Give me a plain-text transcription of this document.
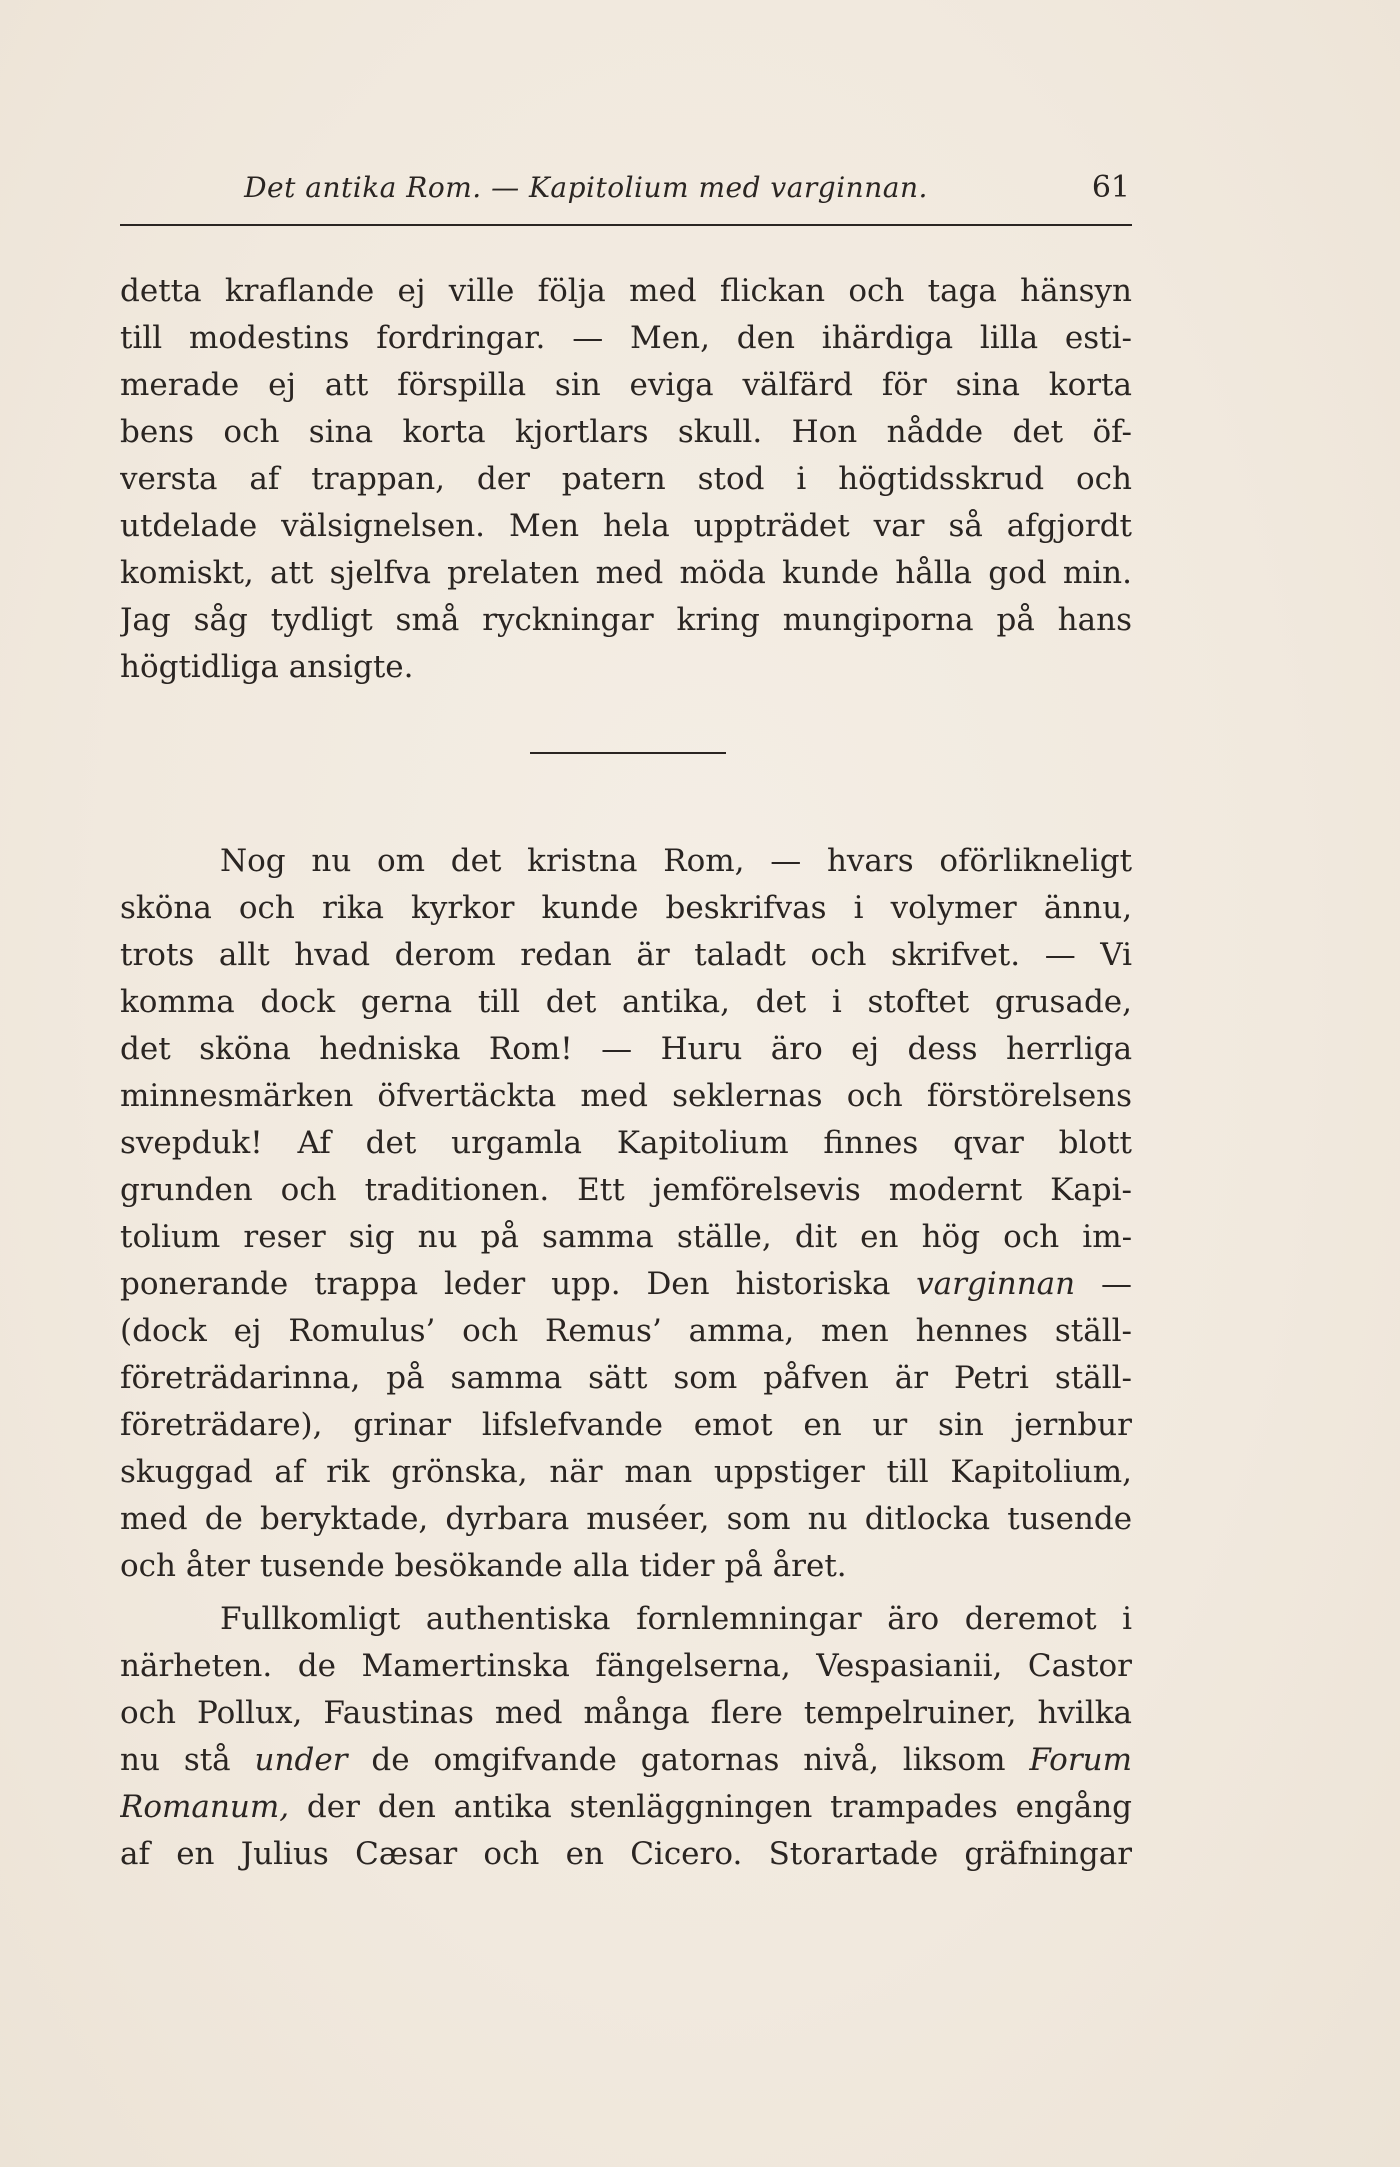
Det antika Rom. — Kapitolium med varginnan.	61
detta kraflande ej ville följa med flickan och taga hänsyn
till modestins fordringar. — Men, den ihärdiga lilla esti-
merade ej att förspilla sin eviga välfärd för sina korta
bens och sina korta kjortlars skull. Hon nådde det öf-
versta af trappan, der patern stod i högtidsskrud och
utdelade välsignelsen. Men hela uppträdet var så afgjordt
komiskt, att sjelfva prelaten med möda kunde hålla god min.
Jag såg tydligt små ryckningar kring mungiporna på hans
högtidliga ansigte.
Nog nu om det kristna Rom, — hvars oförlikneligt
sköna och rika kyrkor kunde beskrifvas i volymer ännu,
trots allt hvad derom redan är taladt och skrifvet. — Vi
komma dock gerna till det antika, det i stoftet grusade,
det sköna hedniska Rom! — Huru äro ej dess herrliga
minnesmärken öfvertäckta med seklernas och förstörelsens
svepduk! Af det urgamla Kapitolium finnes qvar blott
grunden och traditionen. Ett jemförelsevis modernt Kapi-
tolium reser sig nu på samma ställe, dit en hög och im-
ponerande trappa leder upp. Den historiska varginnan —
(dock ej Romulus’ och Remus’ amma, men hennes ställ-
företrädarinna, på samma sätt som påfven är Petri ställ-
företrädare), grinar lifslefvande emot en ur sin jernbur
skuggad af rik grönska, när man uppstiger till Kapitolium,
med de beryktade, dyrbara muséer, som nu ditlocka tusende
och åter tusende besökande alla tider på året.
Fullkomligt authentiska fornlemningar äro deremot i
närheten. de Mamertinska fängelserna, Vespasianii, Castor
och Pollux, Faustinas med många flere tempelruiner, hvilka
nu stå under de omgifvande gatornas nivå, liksom Forum
Romanum, der den antika stenläggningen trampades engång
af en Julius Cæsar och en Cicero. Storartade gräfningar
